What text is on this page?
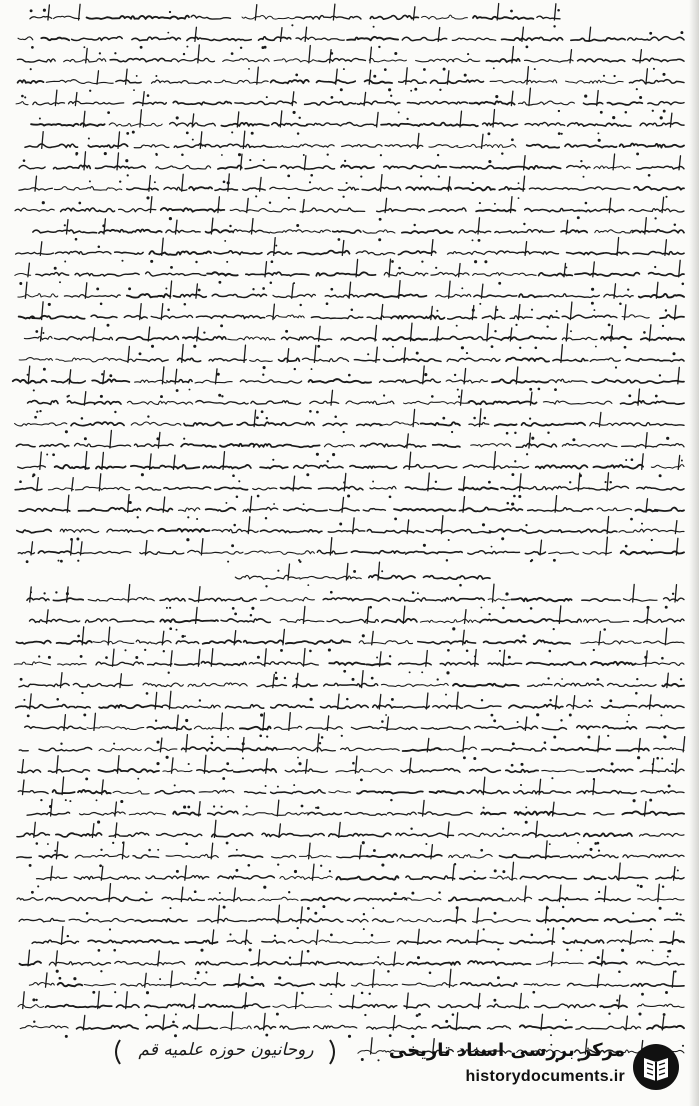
روحانیون حوزه علمیه قم	مرکز بررسی اسناد تاریخی
historydocuments.ir
